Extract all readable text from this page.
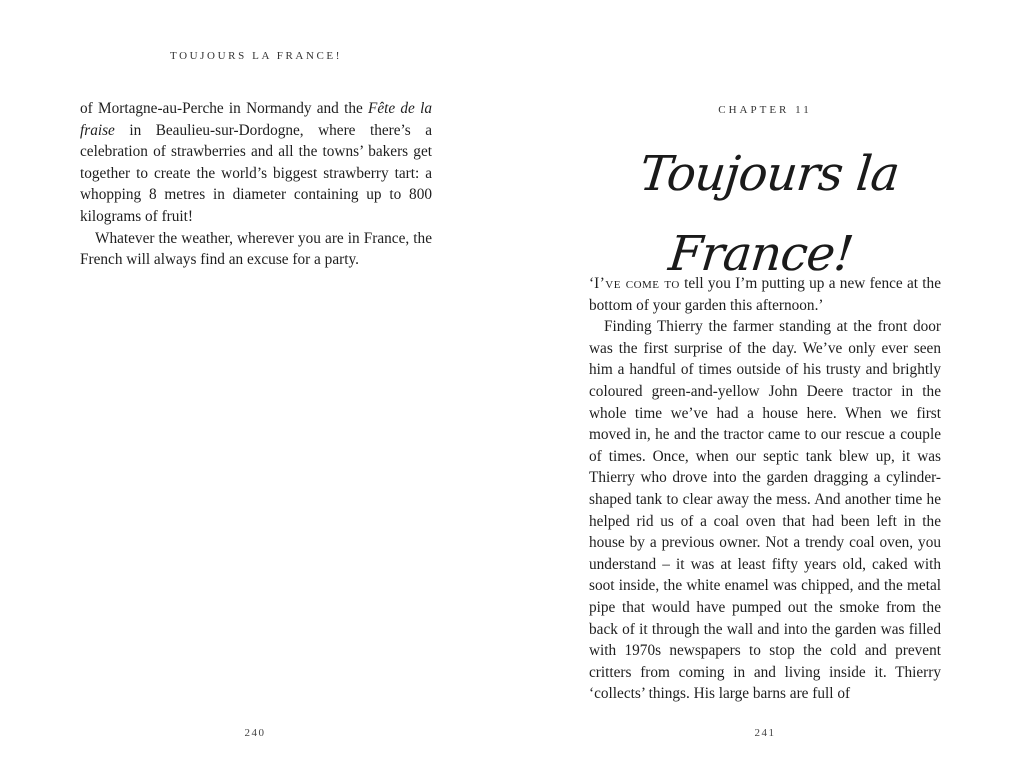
TOUJOURS LA FRANCE!

of Mortagne-au-Perche in Normandy and the Fête de la fraise in Beaulieu-sur-Dordogne, where there’s a celebration of strawberries and all the towns’ bakers get together to create the world’s biggest strawberry tart: a whopping 8 metres in diameter containing up to 800 kilograms of fruit!

Whatever the weather, wherever you are in France, the French will always find an excuse for a party.

240
CHAPTER 11
Toujours la France!

‘I’ve come to tell you I’m putting up a new fence at the bottom of your garden this afternoon.’

Finding Thierry the farmer standing at the front door was the first surprise of the day. We’ve only ever seen him a handful of times outside of his trusty and brightly coloured green-and-yellow John Deere tractor in the whole time we’ve had a house here. When we first moved in, he and the tractor came to our rescue a couple of times. Once, when our septic tank blew up, it was Thierry who drove into the garden dragging a cylinder-shaped tank to clear away the mess. And another time he helped rid us of a coal oven that had been left in the house by a previous owner. Not a trendy coal oven, you understand – it was at least fifty years old, caked with soot inside, the white enamel was chipped, and the metal pipe that would have pumped out the smoke from the back of it through the wall and into the garden was filled with 1970s newspapers to stop the cold and prevent critters from coming in and living inside it. Thierry ‘collects’ things. His large barns are full of

241
